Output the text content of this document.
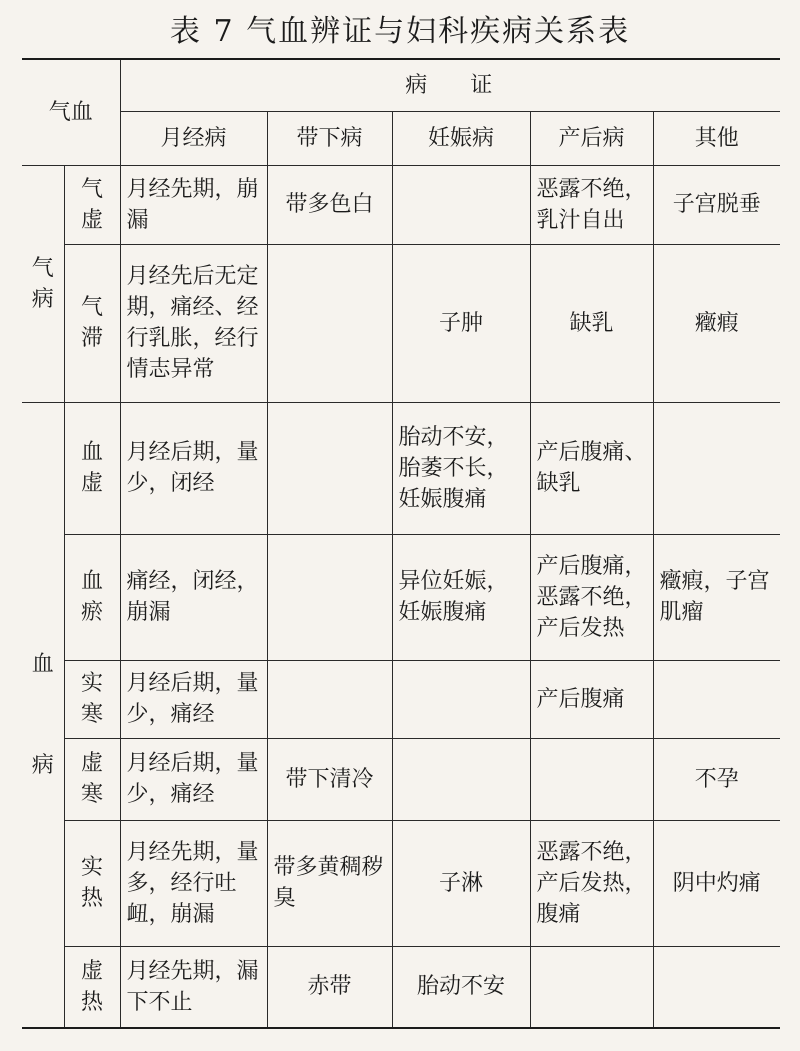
表 7 气血辨证与妇科疾病关系表
气血		病    证				
		月经病	带下病	妊娠病	产后病	其他
气
病	气虚	月经先期，崩漏	带多色白		恶露不绝，乳汁自出	子宫脱垂
	气滞	月经先后无定期，痛经、经行乳胀，经行情志异常		子肿	缺乳	癥瘕

血
病	血虚	月经后期，量少，闭经		胎动不安，胎萎不长，妊娠腹痛	产后腹痛、缺乳	
	血瘀	痛经，闭经，崩漏		异位妊娠，妊娠腹痛	产后腹痛，恶露不绝，产后发热	癥瘕，子宫肌瘤
	实寒	月经后期，量少，痛经			产后腹痛	
	虚寒	月经后期，量少，痛经	带下清冷			不孕
	实热	月经先期，量多，经行吐衄，崩漏	带多黄稠秽臭	子淋	恶露不绝，产后发热，腹痛	阴中灼痛
	虚热	月经先期，漏下不止	赤带	胎动不安		
